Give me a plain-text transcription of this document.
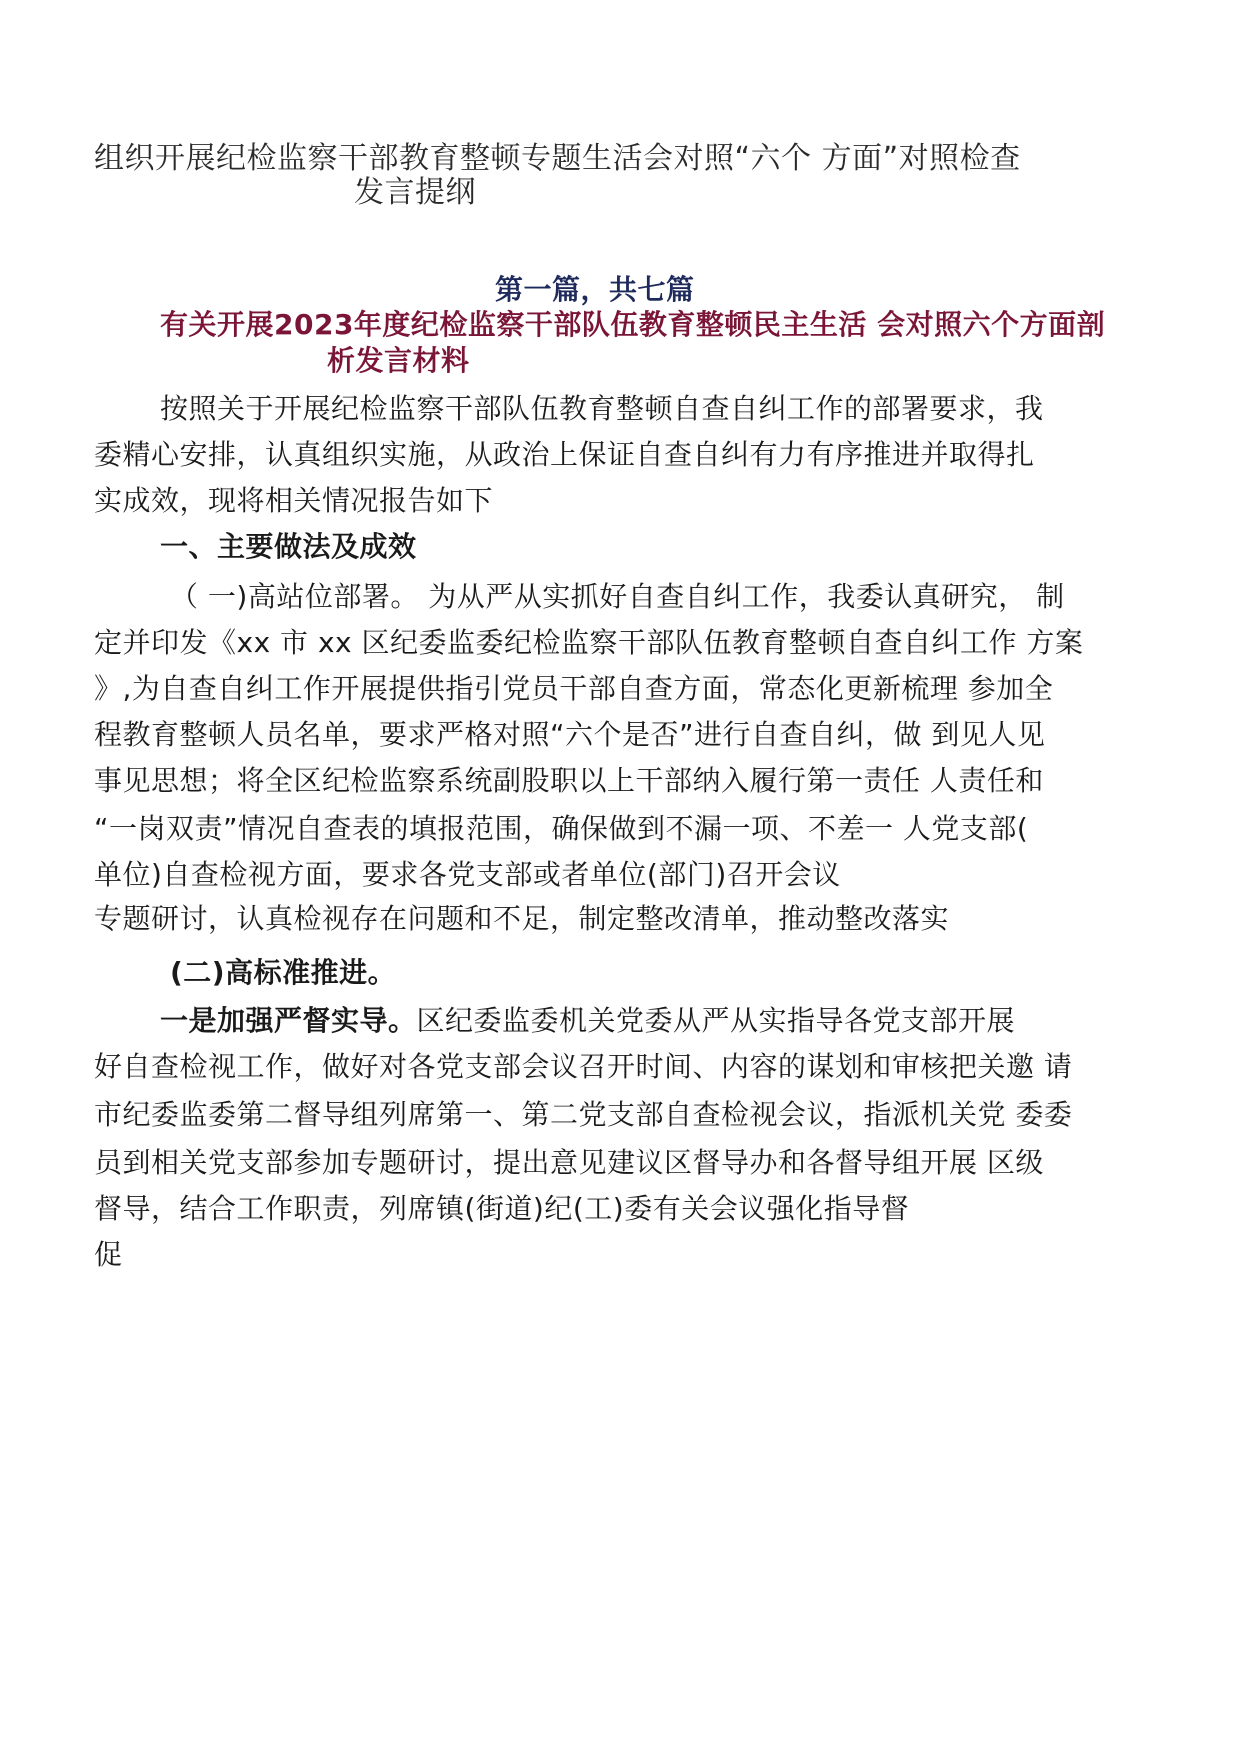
组织开展纪检监察干部教育整顿专题生活会对照“六个 方面”对照检查
发言提纲
第一篇，共七篇
有关开展2023年度纪检监察干部队伍教育整顿民主生活 会对照六个方面剖
析发言材料
按照关于开展纪检监察干部队伍教育整顿自查自纠工作的部署要求，我
委精心安排，认真组织实施，从政治上保证自查自纠有力有序推进并取得扎
实成效，现将相关情况报告如下
一、主要做法及成效
（ 一)高站位部署。 为从严从实抓好自查自纠工作，我委认真研究， 制
定并印发《xx 市 xx 区纪委监委纪检监察干部队伍教育整顿自查自纠工作 方案
》,为自查自纠工作开展提供指引党员干部自查方面，常态化更新梳理 参加全
程教育整顿人员名单，要求严格对照“六个是否”进行自查自纠，做 到见人见
事见思想；将全区纪检监察系统副股职以上干部纳入履行第一责任 人责任和
“一岗双责”情况自查表的填报范围，确保做到不漏一项、不差一 人党支部(
单位)自查检视方面，要求各党支部或者单位(部门)召开会议
专题研讨，认真检视存在问题和不足，制定整改清单，推动整改落实
(二)高标准推进。
一是加强严督实导。区纪委监委机关党委从严从实指导各党支部开展
好自查检视工作，做好对各党支部会议召开时间、内容的谋划和审核把关邀 请
市纪委监委第二督导组列席第一、第二党支部自查检视会议，指派机关党 委委
员到相关党支部参加专题研讨，提出意见建议区督导办和各督导组开展 区级
督导，结合工作职责，列席镇(街道)纪(工)委有关会议强化指导督
促
